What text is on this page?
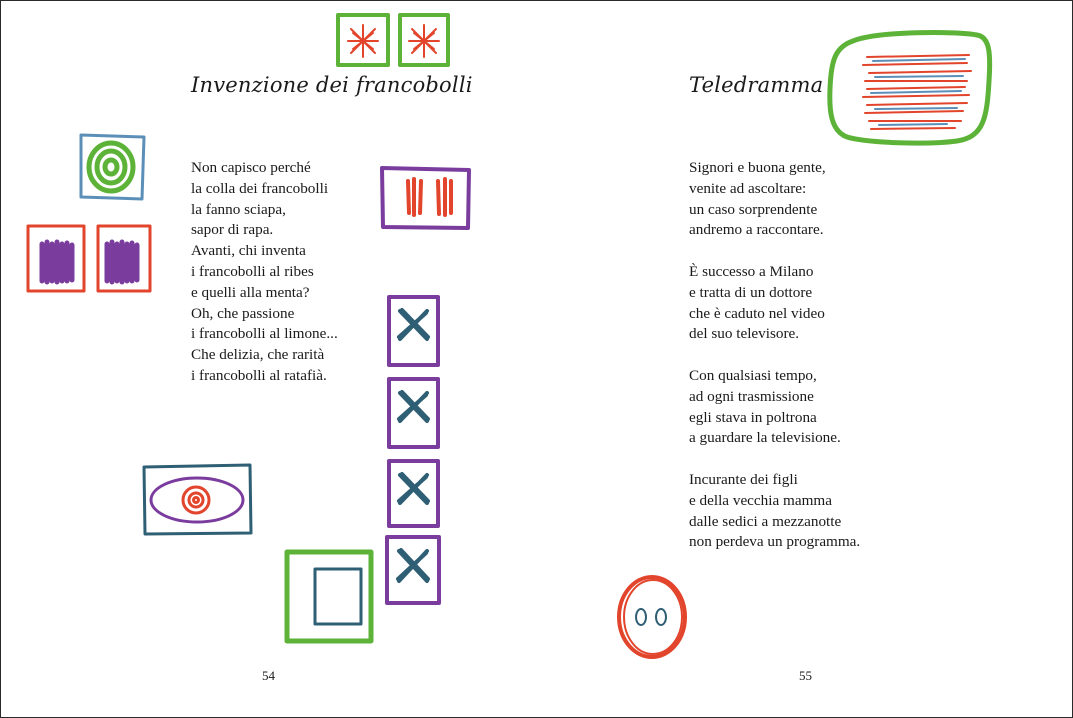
Invenzione dei francobolli
Non capisco perché
la colla dei francobolli
la fanno sciapa,
sapor di rapa.
Avanti, chi inventa
i francobolli al ribes
e quelli alla menta?
Oh, che passione
i francobolli al limone...
Che delizia, che rarità
i francobolli al ratafià.
54
Teledramma
Signori e buona gente,
venite ad ascoltare:
un caso sorprendente
andremo a raccontare.
È successo a Milano
e tratta di un dottore
che è caduto nel video
del suo televisore.
Con qualsiasi tempo,
ad ogni trasmissione
egli stava in poltrona
a guardare la televisione.
Incurante dei figli
e della vecchia mamma
dalle sedici a mezzanotte
non perdeva un programma.
55
